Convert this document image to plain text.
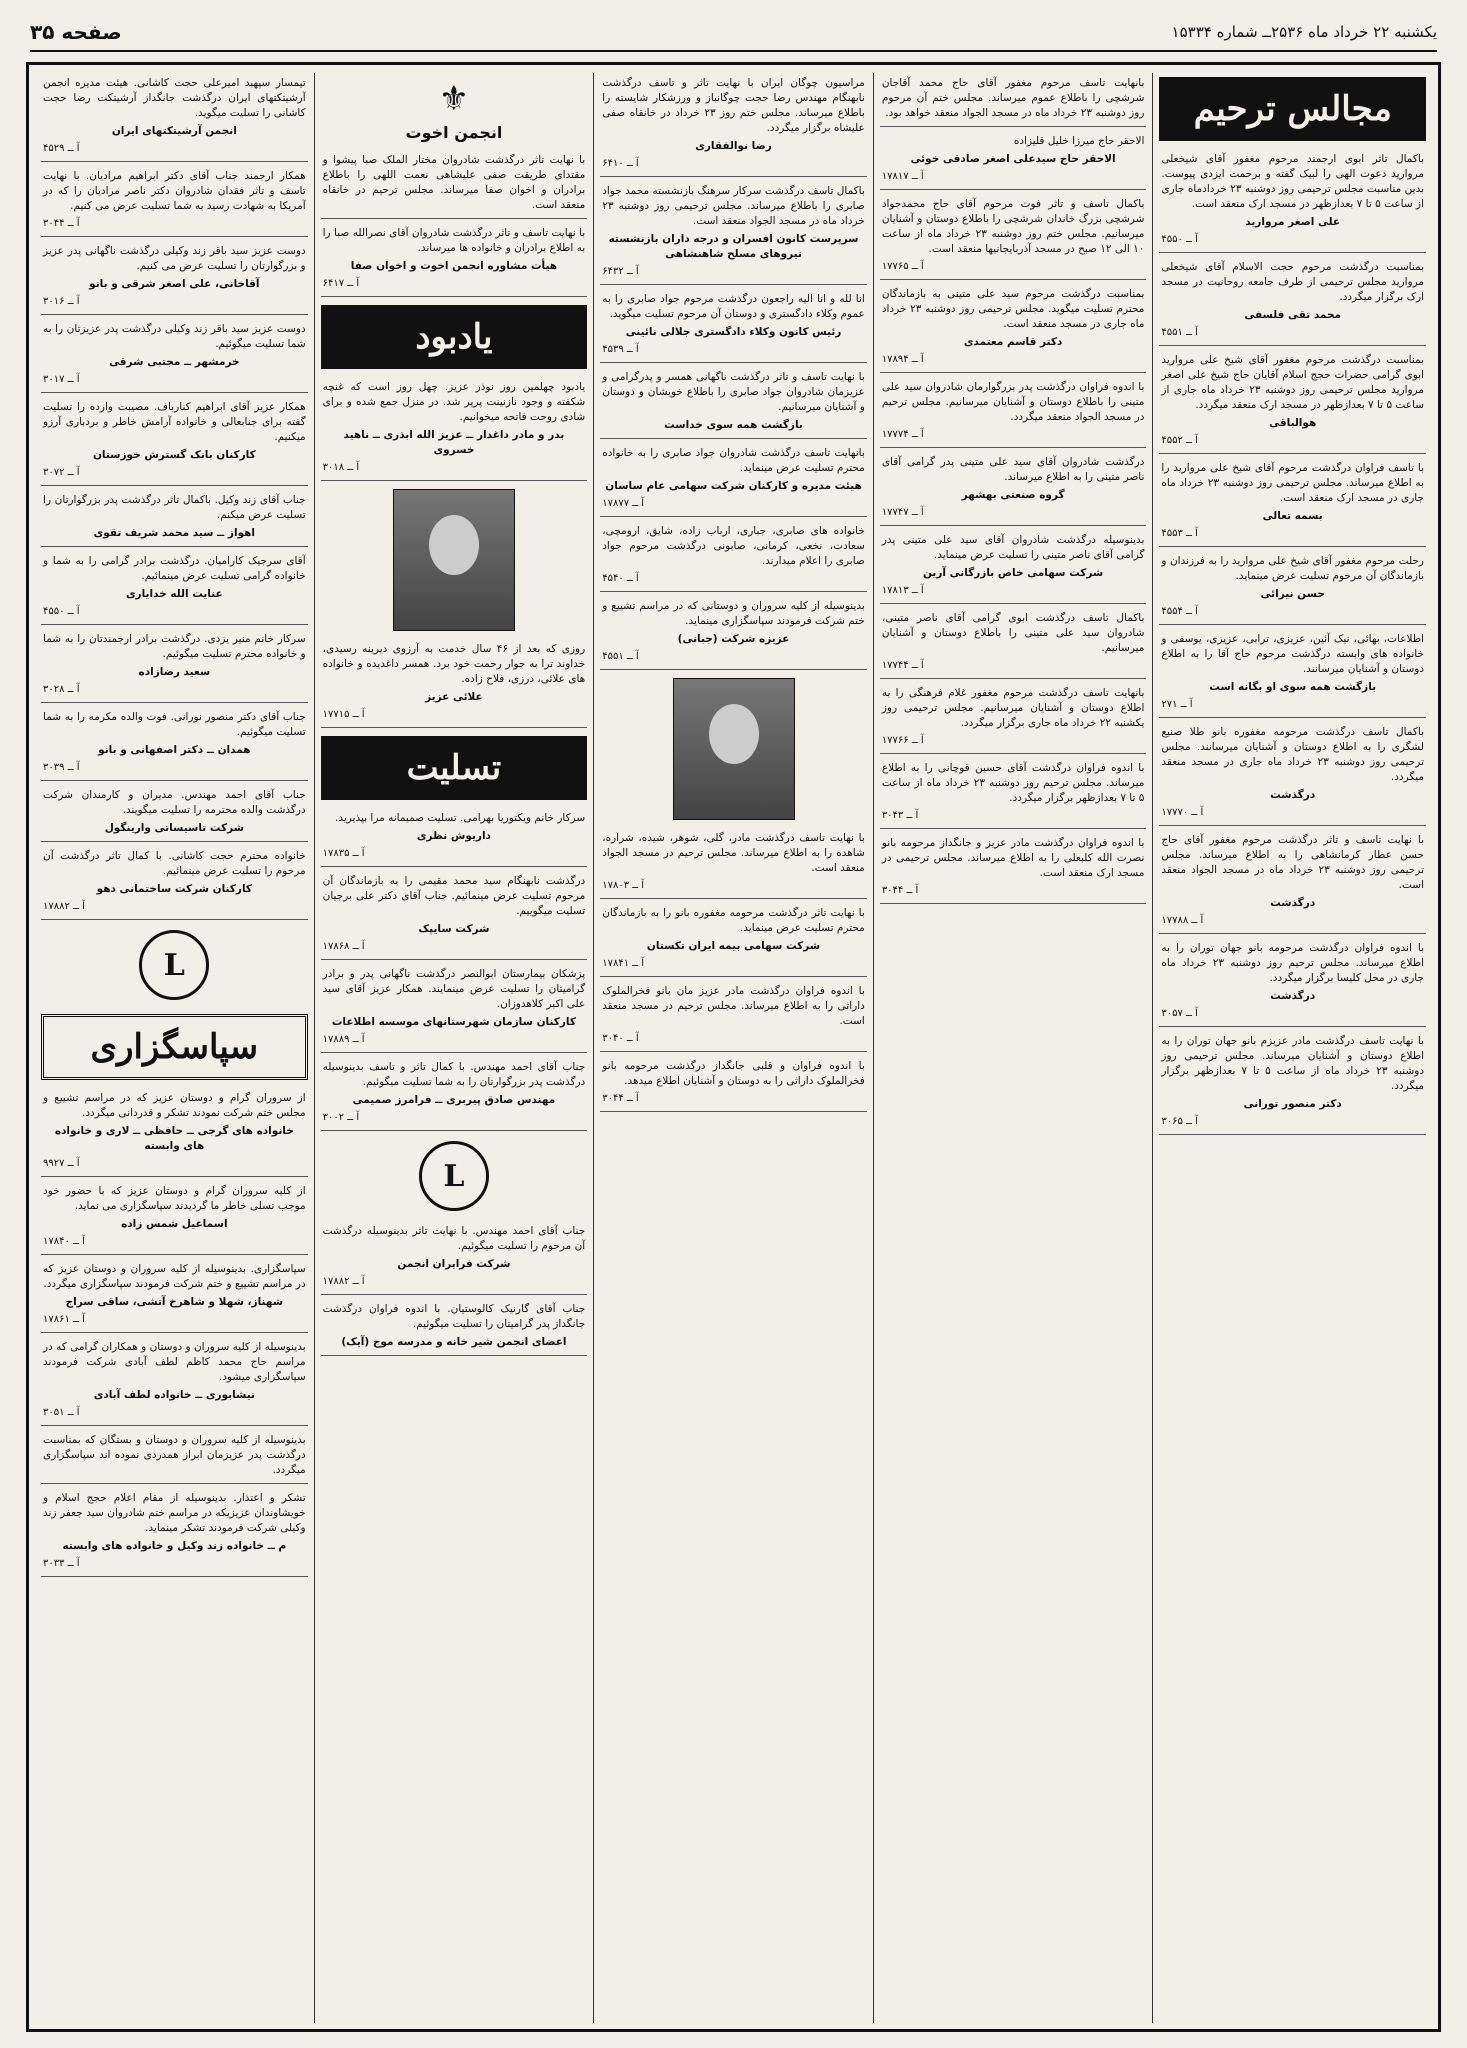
یکشنبه ۲۲ خرداد ماه ۲۵۳۶ــ شماره ۱۵۳۳۴
صفحه ۳۵
مجالس ترحیم
باکمال تاثر ابوی ارجمند مرحوم مغفور آقای شیخعلی مروارید دعوت الهی را لبیک گفته و برحمت ایزدی پیوست. بدین مناسبت مجلس ترحیمی روز دوشنبه ۲۳ خردادماه جاری از ساعت ۵ تا ۷ بعدازظهر در مسجد ارک منعقد است.
علی اصغر مروارید
آ ــ ۴۵۵۰
بمناسبت درگذشت مرحوم حجت الاسلام آقای شیخعلی مروارید مجلس ترحیمی از طرف جامعه روحانیت در مسجد ارک برگزار میگردد.
محمد تقی فلسفی
آ ــ ۴۵۵۱
بمناسبت درگذشت مرحوم مغفور آقای شیخ علی مروارید ابوی گرامی حضرات حجج اسلام آقایان حاج شیخ علی اصغر مروارید مجلس ترحیمی روز دوشنبه ۲۳ خرداد ماه جاری از ساعت ۵ تا ۷ بعدازظهر در مسجد ارک منعقد میگردد.
هوالباقی
آ ــ ۴۵۵۲
با تاسف فراوان درگذشت مرحوم آقای شیخ علی مروارید را به اطلاع میرساند. مجلس ترحیمی روز دوشنبه ۲۳ خرداد ماه جاری در مسجد ارک منعقد است.
بسمه تعالی
آ ــ ۴۵۵۳
رحلت مرحوم مغفور آقای شیخ علی مروارید را به فرزندان و بازماندگان آن مرحوم تسلیت عرض مینماید.
حسن نیرائی
آ ــ ۴۵۵۴
اطلاعات، بهائی، نیک آئین، عزیزی، ترابی، عزیزی، یوسفی و خانواده های وابسته درگذشت مرحوم حاج آقا را به اطلاع دوستان و آشنایان میرسانند.
بازگشت همه سوی او بگانه است
آ ــ ۲۷۱
باکمال تاسف درگذشت مرحومه مغفوره بانو طلا صنیع لشگری را به اطلاع دوستان و آشنایان میرسانند. مجلس ترحیمی روز دوشنبه ۲۳ خرداد ماه جاری در مسجد منعقد میگردد.
درگذشت
آ ــ ۱۷۷۷۰
با نهایت تاسف و تاثر درگذشت مرحوم مغفور آقای حاج حسن عطار کرمانشاهی را به اطلاع میرساند. مجلس ترحیمی روز دوشنبه ۲۳ خرداد ماه در مسجد الجواد منعقد است.
درگذشت
آ ــ ۱۷۷۸۸
با اندوه فراوان درگذشت مرحومه بانو جهان توران را به اطلاع میرساند. مجلس ترحیم روز دوشنبه ۲۳ خرداد ماه جاری در محل کلیسا برگزار میگردد.
درگذشت
آ ــ ۳۰۵۷
با نهایت تاسف درگذشت مادر عزیزم بانو جهان توران را به اطلاع دوستان و آشنایان میرساند. مجلس ترحیمی روز دوشنبه ۲۳ خرداد ماه از ساعت ۵ تا ۷ بعدازظهر برگزار میگردد.
دکتر منصور تورانی
آ ــ ۳۰۶۵
بانهایت تاسف مرحوم مغفور آقای حاج محمد آقاجان شرشچی را باطلاع عموم میرساند. مجلس ختم آن مرحوم روز دوشنبه ۲۳ خرداد ماه در مسجد الجواد منعقد خواهد بود.
الاحقر حاج میرزا خلیل قلیزاده
الاحقر حاج سیدعلی اصغر صادقی خوئی
آ ــ ۱۷۸۱۷
باکمال تاسف و تاثر فوت مرحوم آقای حاج محمدجواد شرشچی بزرگ خاندان شرشچی را باطلاع دوستان و آشنایان میرسانیم. مجلس ختم روز دوشنبه ۲۳ خرداد ماه از ساعت ۱۰ الی ۱۲ صبح در مسجد آذربایجانیها منعقد است.
آ ــ ۱۷۷۶۵
بمناسبت درگذشت مرحوم سید علی متینی به بازماندگان محترم تسلیت میگوید. مجلس ترحیمی روز دوشنبه ۲۳ خرداد ماه جاری در مسجد منعقد است.
دکتر قاسم معتمدی
آ ــ ۱۷۸۹۴
با اندوه فراوان درگذشت پدر بزرگوارمان شادروان سید علی متینی را باطلاع دوستان و آشنایان میرسانیم. مجلس ترحیم در مسجد الجواد منعقد میگردد.
آ ــ ۱۷۷۷۴
درگذشت شادروان آقای سید علی متینی پدر گرامی آقای ناصر متینی را به اطلاع میرساند.
گروه صنعتی بهشهر
آ ــ ۱۷۷۴۷
بدینوسیله درگذشت شادروان آقای سید علی متینی پدر گرامی آقای ناصر متینی را تسلیت عرض مینماید.
شرکت سهامی خاص بازرگانی آرین
آ ــ ۱۷۸۱۳
باکمال تاسف درگذشت ابوی گرامی آقای ناصر متینی، شادروان سید علی متینی را باطلاع دوستان و آشنایان میرسانیم.
آ ــ ۱۷۷۴۴
بانهایت تاسف درگذشت مرحوم مغفور غلام فرهنگی را به اطلاع دوستان و آشنایان میرسانیم. مجلس ترحیمی روز یکشنبه ۲۲ خرداد ماه جاری برگزار میگردد.
آ ــ ۱۷۷۶۶
با اندوه فراوان درگذشت آقای حسین قوچانی را به اطلاع میرساند. مجلس ترحیم روز دوشنبه ۲۳ خرداد ماه از ساعت ۵ تا ۷ بعدازظهر برگزار میگردد.
آ ــ ۳۰۴۳
با اندوه فراوان درگذشت مادر عزیز و جانگداز مرحومه بانو نصرت الله کلبعلی را به اطلاع میرساند. مجلس ترحیمی در مسجد ارک منعقد است.
آ ــ ۳۰۴۴
مراسیون چوگان ایران با نهایت تاثر و تاسف درگذشت نابهنگام مهندس رضا حجت چوگانباز و ورزشکار شایسته را باطلاع میرساند. مجلس ختم روز ۲۳ خرداد در خانقاه صفی علیشاه برگزار میگردد.
رضا نوالفقاری
آ ــ ۶۴۱۰
باکمال تاسف درگذشت سرکار سرهنگ بازنشسته محمد جواد صابری را باطلاع میرساند. مجلس ترحیمی روز دوشنبه ۲۳ خرداد ماه در مسجد الجواد منعقد است.
سرپرست کانون افسران و درجه داران بازنشسته نیروهای مسلح شاهنشاهی
آ ــ ۶۴۳۲
انا لله و انا الیه راجعون درگذشت مرحوم جواد صابری را به عموم وکلاء دادگستری و دوستان آن مرحوم تسلیت میگوید.
رئیس کانون وکلاء دادگستری جلالی نائینی
آ ــ ۴۵۳۹
با نهایت تاسف و تاثر درگذشت ناگهانی همسر و پدرگرامی و عزیزمان شادروان جواد صابری را باطلاع خویشان و دوستان و آشنایان میرسانیم.
بازگشت همه سوی خداست
بانهایت تاسف درگذشت شادروان جواد صابری را به خانواده محترم تسلیت عرض مینماید.
هیئت مدیره و کارکنان شرکت سهامی عام ساسان
آ ــ ۱۷۸۷۷
خانواده های صابری، جباری، ارباب زاده، شایق، ارومچی، سعادت، نخعی، کرمانی، صابونی درگذشت مرحوم جواد صابری را اعلام میدارند.
آ ــ ۴۵۴۰
بدینوسیله از کلیه سروران و دوستانی که در مراسم تشییع و ختم شرکت فرمودند سپاسگزاری مینماید.
عزیزه شرکت (جبانی)
آ ــ ۴۵۵۱
با نهایت تاسف درگذشت مادر، گلی، شوهر، شیده، شراره، شاهده را به اطلاع میرساند. مجلس ترحیم در مسجد الجواد منعقد است.
آ ــ ۱۷۸۰۳
با نهایت تاثر درگذشت مرحومه مغفوره بانو را به بازماندگان محترم تسلیت عرض مینماید.
شرکت سهامی بیمه ایران تکستان
آ ــ ۱۷۸۴۱
با اندوه فراوان درگذشت مادر عزیز مان بانو فخرالملوک داراثی را به اطلاع میرساند. مجلس ترحیم در مسجد منعقد است.
آ ــ ۳۰۴۰
با اندوه فراوان و قلبی جانگداز درگذشت مرحومه بانو فخرالملوک داراثی را به دوستان و آشنایان اطلاع میدهد.
آ ــ ۳۰۴۴
⚜
انجمن اخوت
با نهایت تاثر درگذشت شادروان مختار الملک صبا پیشوا و مقتدای طریقت صفی علیشاهی نعمت اللهی را باطلاع برادران و اخوان صفا میرساند. مجلس ترحیم در خانقاه منعقد است.
با نهایت تاسف و تاثر درگذشت شادروان آقای نصرالله صبا را به اطلاع برادران و خانواده ها میرساند.
هیأت مشاوره انجمن اخوت و اخوان صفا
آ ــ ۶۴۱۷
یادبود
یادبود چهلمین روز نوذر عزیز. چهل روز است که غنچه شکفته و وجود نازنینت پرپر شد. در منزل جمع شده و برای شادی روحت فاتحه میخوانیم.
بدر و مادر داغدار ــ عزیز الله ابذری ــ ناهید خسروی
آ ــ ۳۰۱۸
روزی که بعد از ۴۶ سال خدمت به آرزوی دیرینه رسیدی، خداوند ترا به جوار رحمت خود برد. همسر داغدیده و خانواده های علائی، درزی، فلاح زاده.
علائی عزیز
آ ــ ۱۷۷۱۵
تسلیت
سرکار خانم ویکتوریا بهرامی. تسلیت صمیمانه مرا بپذیرید.
داریوش نظری
آ ــ ۱۷۸۳۵
درگذشت نابهنگام سید محمد مقیمی را به بازماندگان آن مرحوم تسلیت عرض مینمائیم. جناب آقای دکتر علی برجیان تسلیت میگوییم.
شرکت سایپک
آ ــ ۱۷۸۶۸
پزشکان بیمارستان ابوالنصر درگذشت ناگهانی پدر و برادر گرامیتان را تسلیت عرض مینمایند. همکار عزیز آقای سید علی اکبر کلاهدوزان.
کارکنان سازمان شهرستانهای موسسه اطلاعات
آ ــ ۱۷۸۸۹
جناب آقای احمد مهندس. با کمال تاثر و تاسف بدینوسیله درگذشت پدر بزرگوارتان را به شما تسلیت میگوئیم.
مهندس صادق پیربری ــ فرامرز صمیمی
آ ــ ۳۰۰۲
L
جناب آقای احمد مهندس. با نهایت تاثر بدینوسیله درگذشت آن مرحوم را تسلیت میگوئیم.
شرکت فرابران انجمن
آ ــ ۱۷۸۸۲
جناب آقای گارنیک کالوستیان. با اندوه فراوان درگذشت جانگداز پدر گرامیتان را تسلیت میگوئیم.
اعضای انجمن شیر خانه و مدرسه موج (آیک)
تیمسار سپهبد امیرعلی حجت کاشانی. هیئت مدیره انجمن آرشیتکتهای ایران درگذشت جانگداز آرشیتکت رضا حجت کاشانی را تسلیت میگوید.
انجمن آرشیتکتهای ایران
آ ــ ۴۵۲۹
همکار ارجمند جناب آقای دکتر ابراهیم مرادیان. با نهایت تاسف و تاثر فقدان شادروان دکتر ناصر مرادیان را که در آمریکا به شهادت رسید به شما تسلیت عرض می کنیم.
آ ــ ۳۰۴۴
دوست عزیز سید باقر زند وکیلی درگذشت ناگهانی پدر عزیز و بزرگوارتان را تسلیت عرض می کنیم.
آقاخانی، علی اصغر شرقی و بانو
آ ــ ۳۰۱۶
دوست عزیز سید باقر زند وکیلی درگذشت پدر عزیزتان را به شما تسلیت میگوئیم.
خرمشهر ــ مجتبی شرقی
آ ــ ۳۰۱۷
همکار عزیز آقای ابراهیم کنارباف. مصیبت وارده را تسلیت گفته برای جنابعالی و خانواده آرامش خاطر و بردباری آرزو میکنیم.
کارکنان بانک گسترش خوزستان
آ ــ ۳۰۷۲
جناب آقای زند وکیل. باکمال تاثر درگذشت پدر بزرگوارتان را تسلیت عرض میکنم.
اهواز ــ سید محمد شریف تقوی
آقای سرجیک کارامیان. درگذشت برادر گرامی را به شما و خانواده گرامی تسلیت عرض مینمائیم.
عنایت الله خدایاری
آ ــ ۴۵۵۰
سرکار خانم منیر یزدی. درگذشت برادر ارجمندتان را به شما و خانواده محترم تسلیت میگوئیم.
سعید رضازاده
آ ــ ۳۰۲۸
جناب آقای دکتر منصور نورانی. فوت والده مکرمه را به شما تسلیت میگوئیم.
همدان ــ دکتر اصفهانی و بانو
آ ــ ۳۰۳۹
جناب آقای احمد مهندس. مدیران و کارمندان شرکت درگذشت والده محترمه را تسلیت میگویند.
شرکت تاسیساتی وارینگول
خانواده محترم حجت کاشانی. با کمال تاثر درگذشت آن مرحوم را تسلیت عرض مینمائیم.
کارکنان شرکت ساختمانی دهو
آ ــ ۱۷۸۸۲
L
سپاسگزاری
از سروران گرام و دوستان عزیز که در مراسم تشییع و مجلس ختم شرکت نمودند تشکر و قدردانی میگردد.
خانواده های گرجی ــ حافظی ــ لاری و خانواده های وابسته
آ ــ ۹۹۲۷
از کلیه سروران گرام و دوستان عزیز که با حضور خود موجب تسلی خاطر ما گردیدند سپاسگزاری می نماید.
اسماعیل شمس زاده
آ ــ ۱۷۸۴۰
سپاسگزاری. بدینوسیله از کلیه سروران و دوستان عزیز که در مراسم تشییع و ختم شرکت فرمودند سپاسگزاری میگردد.
شهناز، شهلا و شاهرخ آتشی، ساقی سراج
آ ــ ۱۷۸۶۱
بدینوسیله از کلیه سروران و دوستان و همکاران گرامی که در مراسم حاج محمد کاظم لطف آبادی شرکت فرمودند سپاسگزاری میشود.
نیشابوری ــ خانواده لطف آبادی
آ ــ ۳۰۵۱
بدینوسیله از کلیه سروران و دوستان و بستگان که بمناسبت درگذشت پدر عزیزمان ابراز همدردی نموده اند سپاسگزاری میگردد.
تشکر و اعتذار. بدینوسیله از مقام اعلام حجج اسلام و خویشاوندان عزیزیکه در مراسم ختم شادروان سید جعفر زند وکیلی شرکت فرمودند تشکر مینماید.
م ــ خانواده زند وکیل و خانواده های وابسته
آ ــ ۳۰۳۳
